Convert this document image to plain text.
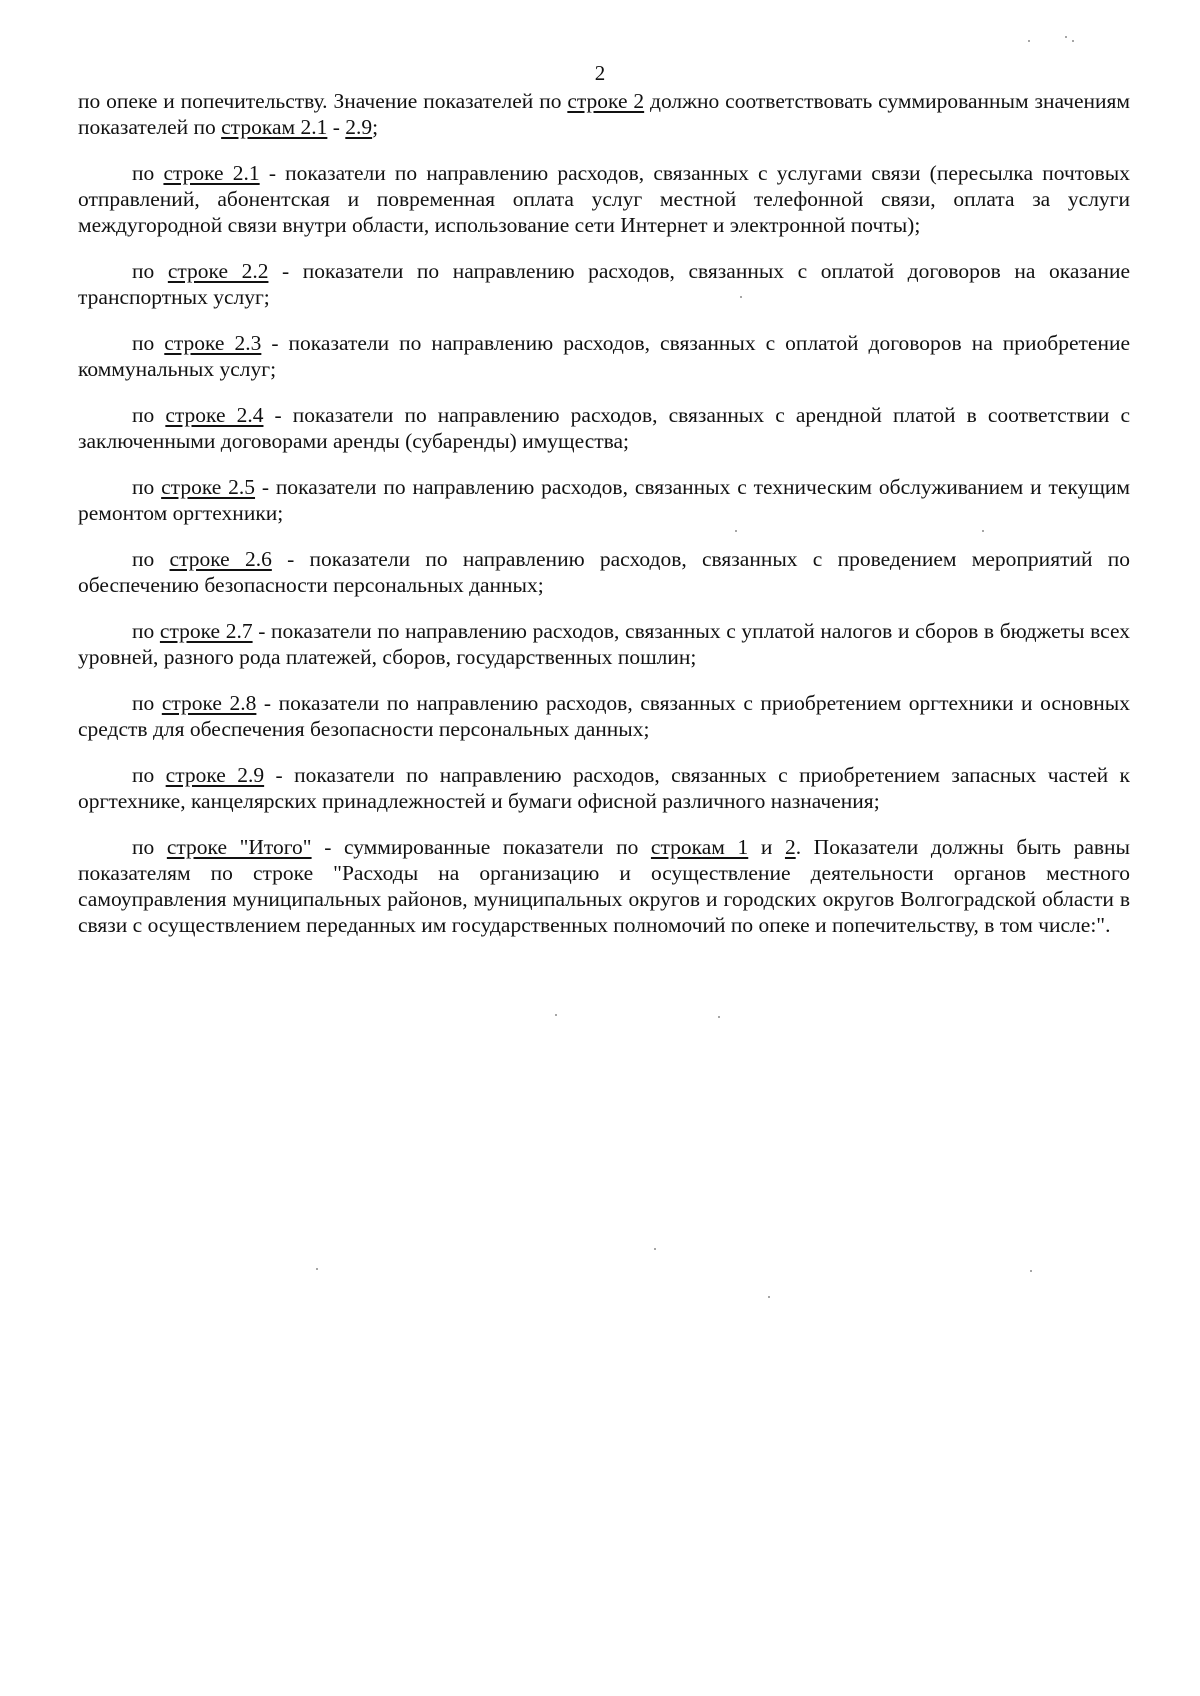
2

по опеке и попечительству. Значение показателей по строке 2 должно соответствовать суммированным значениям показателей по строкам 2.1 - 2.9;

по строке 2.1 - показатели по направлению расходов, связанных с услугами связи (пересылка почтовых отправлений, абонентская и повременная оплата услуг местной телефонной связи, оплата за услуги междугородной связи внутри области, использование сети Интернет и электронной почты);

по строке 2.2 - показатели по направлению расходов, связанных с оплатой договоров на оказание транспортных услуг;

по строке 2.3 - показатели по направлению расходов, связанных с оплатой договоров на приобретение коммунальных услуг;

по строке 2.4 - показатели по направлению расходов, связанных с арендной платой в соответствии с заключенными договорами аренды (субаренды) имущества;

по строке 2.5 - показатели по направлению расходов, связанных с техническим обслуживанием и текущим ремонтом оргтехники;

по строке 2.6 - показатели по направлению расходов, связанных с проведением мероприятий по обеспечению безопасности персональных данных;

по строке 2.7 - показатели по направлению расходов, связанных с уплатой налогов и сборов в бюджеты всех уровней, разного рода платежей, сборов, государственных пошлин;

по строке 2.8 - показатели по направлению расходов, связанных с приобретением оргтехники и основных средств для обеспечения безопасности персональных данных;

по строке 2.9 - показатели по направлению расходов, связанных с приобретением запасных частей к оргтехнике, канцелярских принадлежностей и бумаги офисной различного назначения;

по строке "Итого" - суммированные показатели по строкам 1 и 2. Показатели должны быть равны показателям по строке "Расходы на организацию и осуществление деятельности органов местного самоуправления муниципальных районов, муниципальных округов и городских округов Волгоградской области в связи с осуществлением переданных им государственных полномочий по опеке и попечительству, в том числе:".
